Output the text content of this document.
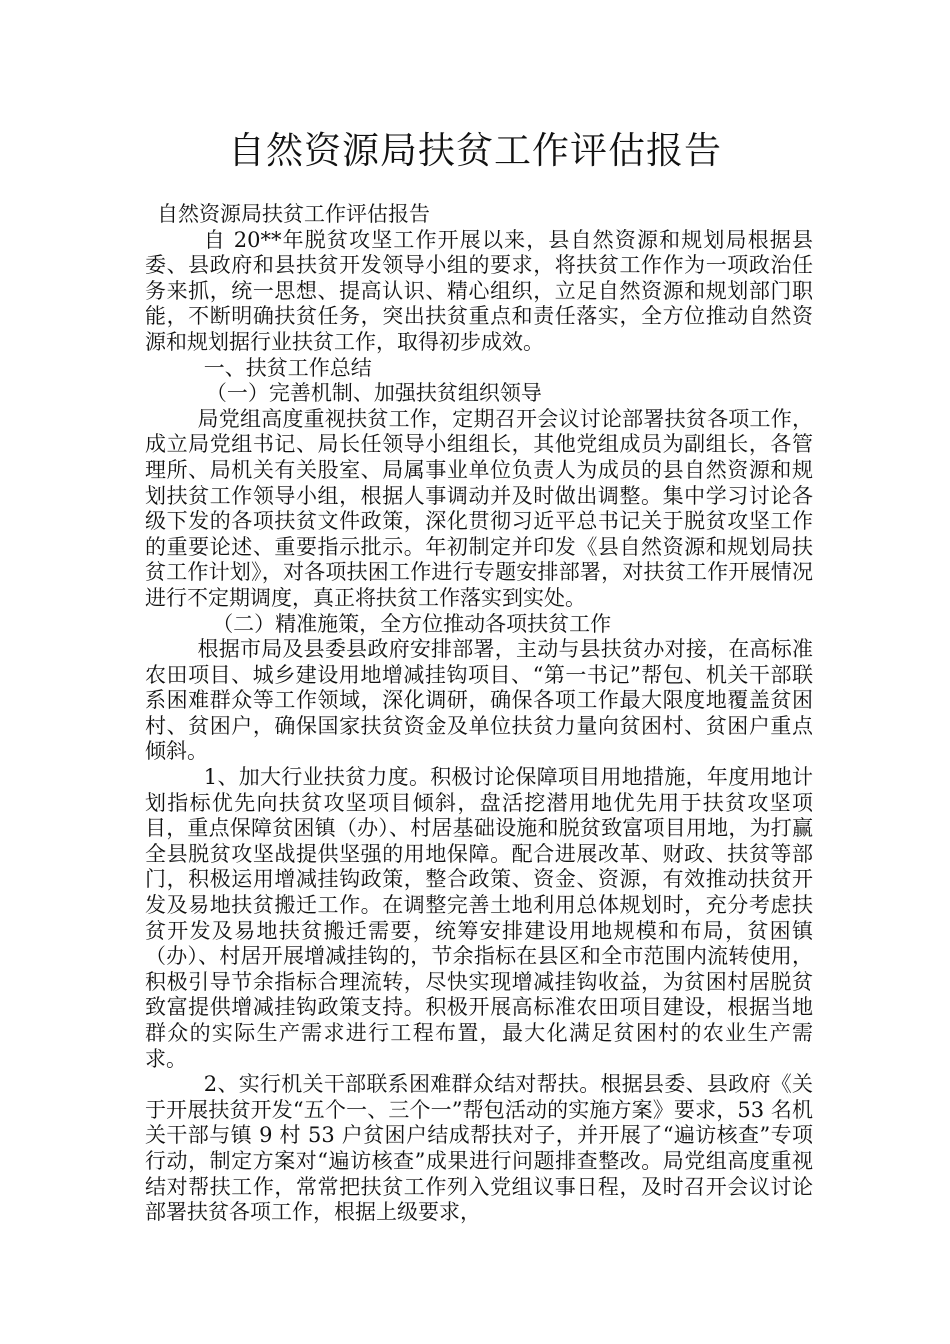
自然资源局扶贫工作评估报告

自然资源局扶贫工作评估报告

自 20**年脱贫攻坚工作开展以来，县自然资源和规划局根据县委、县政府和县扶贫开发领导小组的要求，将扶贫工作作为一项政治任务来抓，统一思想、提高认识、精心组织，立足自然资源和规划部门职能，不断明确扶贫任务，突出扶贫重点和责任落实，全方位推动自然资源和规划据行业扶贫工作，取得初步成效。

一、扶贫工作总结

（一）完善机制、加强扶贫组织领导

局党组高度重视扶贫工作，定期召开会议讨论部署扶贫各项工作，成立局党组书记、局长任领导小组组长，其他党组成员为副组长，各管理所、局机关有关股室、局属事业单位负责人为成员的县自然资源和规划扶贫工作领导小组，根据人事调动并及时做出调整。集中学习讨论各级下发的各项扶贫文件政策，深化贯彻习近平总书记关于脱贫攻坚工作的重要论述、重要指示批示。年初制定并印发《县自然资源和规划局扶贫工作计划》，对各项扶困工作进行专题安排部署，对扶贫工作开展情况进行不定期调度，真正将扶贫工作落实到实处。

（二）精准施策，全方位推动各项扶贫工作

根据市局及县委县政府安排部署，主动与县扶贫办对接，在高标准农田项目、城乡建设用地增减挂钩项目、“第一书记”帮包、机关干部联系困难群众等工作领域，深化调研，确保各项工作最大限度地覆盖贫困村、贫困户，确保国家扶贫资金及单位扶贫力量向贫困村、贫困户重点倾斜。

1、加大行业扶贫力度。积极讨论保障项目用地措施，年度用地计划指标优先向扶贫攻坚项目倾斜，盘活挖潜用地优先用于扶贫攻坚项目，重点保障贫困镇（办）、村居基础设施和脱贫致富项目用地，为打赢全县脱贫攻坚战提供坚强的用地保障。配合进展改革、财政、扶贫等部门，积极运用增减挂钩政策，整合政策、资金、资源，有效推动扶贫开发及易地扶贫搬迁工作。在调整完善土地利用总体规划时，充分考虑扶贫开发及易地扶贫搬迁需要，统筹安排建设用地规模和布局，贫困镇（办）、村居开展增减挂钩的，节余指标在县区和全市范围内流转使用，积极引导节余指标合理流转，尽快实现增减挂钩收益，为贫困村居脱贫致富提供增减挂钩政策支持。积极开展高标准农田项目建设，根据当地群众的实际生产需求进行工程布置，最大化满足贫困村的农业生产需求。

2、实行机关干部联系困难群众结对帮扶。根据县委、县政府《关于开展扶贫开发“五个一、三个一”帮包活动的实施方案》要求，53 名机关干部与镇 9 村 53 户贫困户结成帮扶对子，并开展了“遍访核查”专项行动，制定方案对“遍访核查”成果进行问题排查整改。局党组高度重视结对帮扶工作，常常把扶贫工作列入党组议事日程，及时召开会议讨论部署扶贫各项工作，根据上级要求，
